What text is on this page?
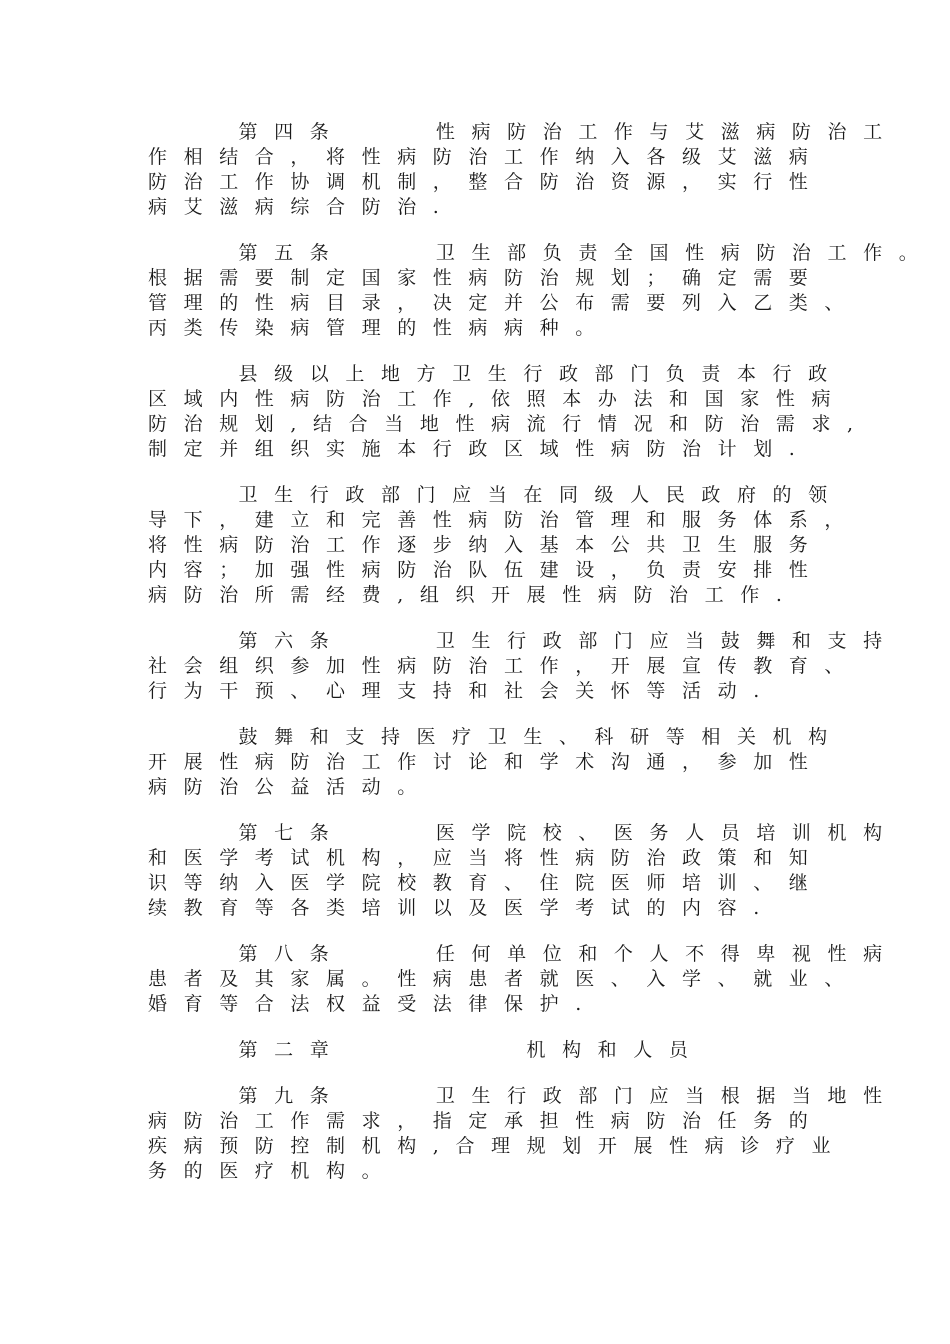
第四条    性病防治工作与艾滋病防治工
作相结合，将性病防治工作纳入各级艾滋病
防治工作协调机制，整合防治资源，实行性
病艾滋病综合防治.
第五条    卫生部负责全国性病防治工作。
根据需要制定国家性病防治规划；确定需要
管理的性病目录，决定并公布需要列入乙类、
丙类传染病管理的性病病种。
县级以上地方卫生行政部门负责本行政
区域内性病防治工作,依照本办法和国家性病
防治规划,结合当地性病流行情况和防治需求,
制定并组织实施本行政区域性病防治计划.
卫生行政部门应当在同级人民政府的领
导下，建立和完善性病防治管理和服务体系，
将性病防治工作逐步纳入基本公共卫生服务
内容；加强性病防治队伍建设，负责安排性
病防治所需经费,组织开展性病防治工作.
第六条    卫生行政部门应当鼓舞和支持
社会组织参加性病防治工作，开展宣传教育、
行为干预、心理支持和社会关怀等活动.
鼓舞和支持医疗卫生、科研等相关机构
开展性病防治工作讨论和学术沟通，参加性
病防治公益活动。
第七条    医学院校、医务人员培训机构
和医学考试机构，应当将性病防治政策和知
识等纳入医学院校教育、住院医师培训、继
续教育等各类培训以及医学考试的内容.
第八条    任何单位和个人不得卑视性病
患者及其家属。性病患者就医、入学、就业、
婚育等合法权益受法律保护.
第二章        机构和人员
第九条    卫生行政部门应当根据当地性
病防治工作需求，指定承担性病防治任务的
疾病预防控制机构,合理规划开展性病诊疗业
务的医疗机构。
